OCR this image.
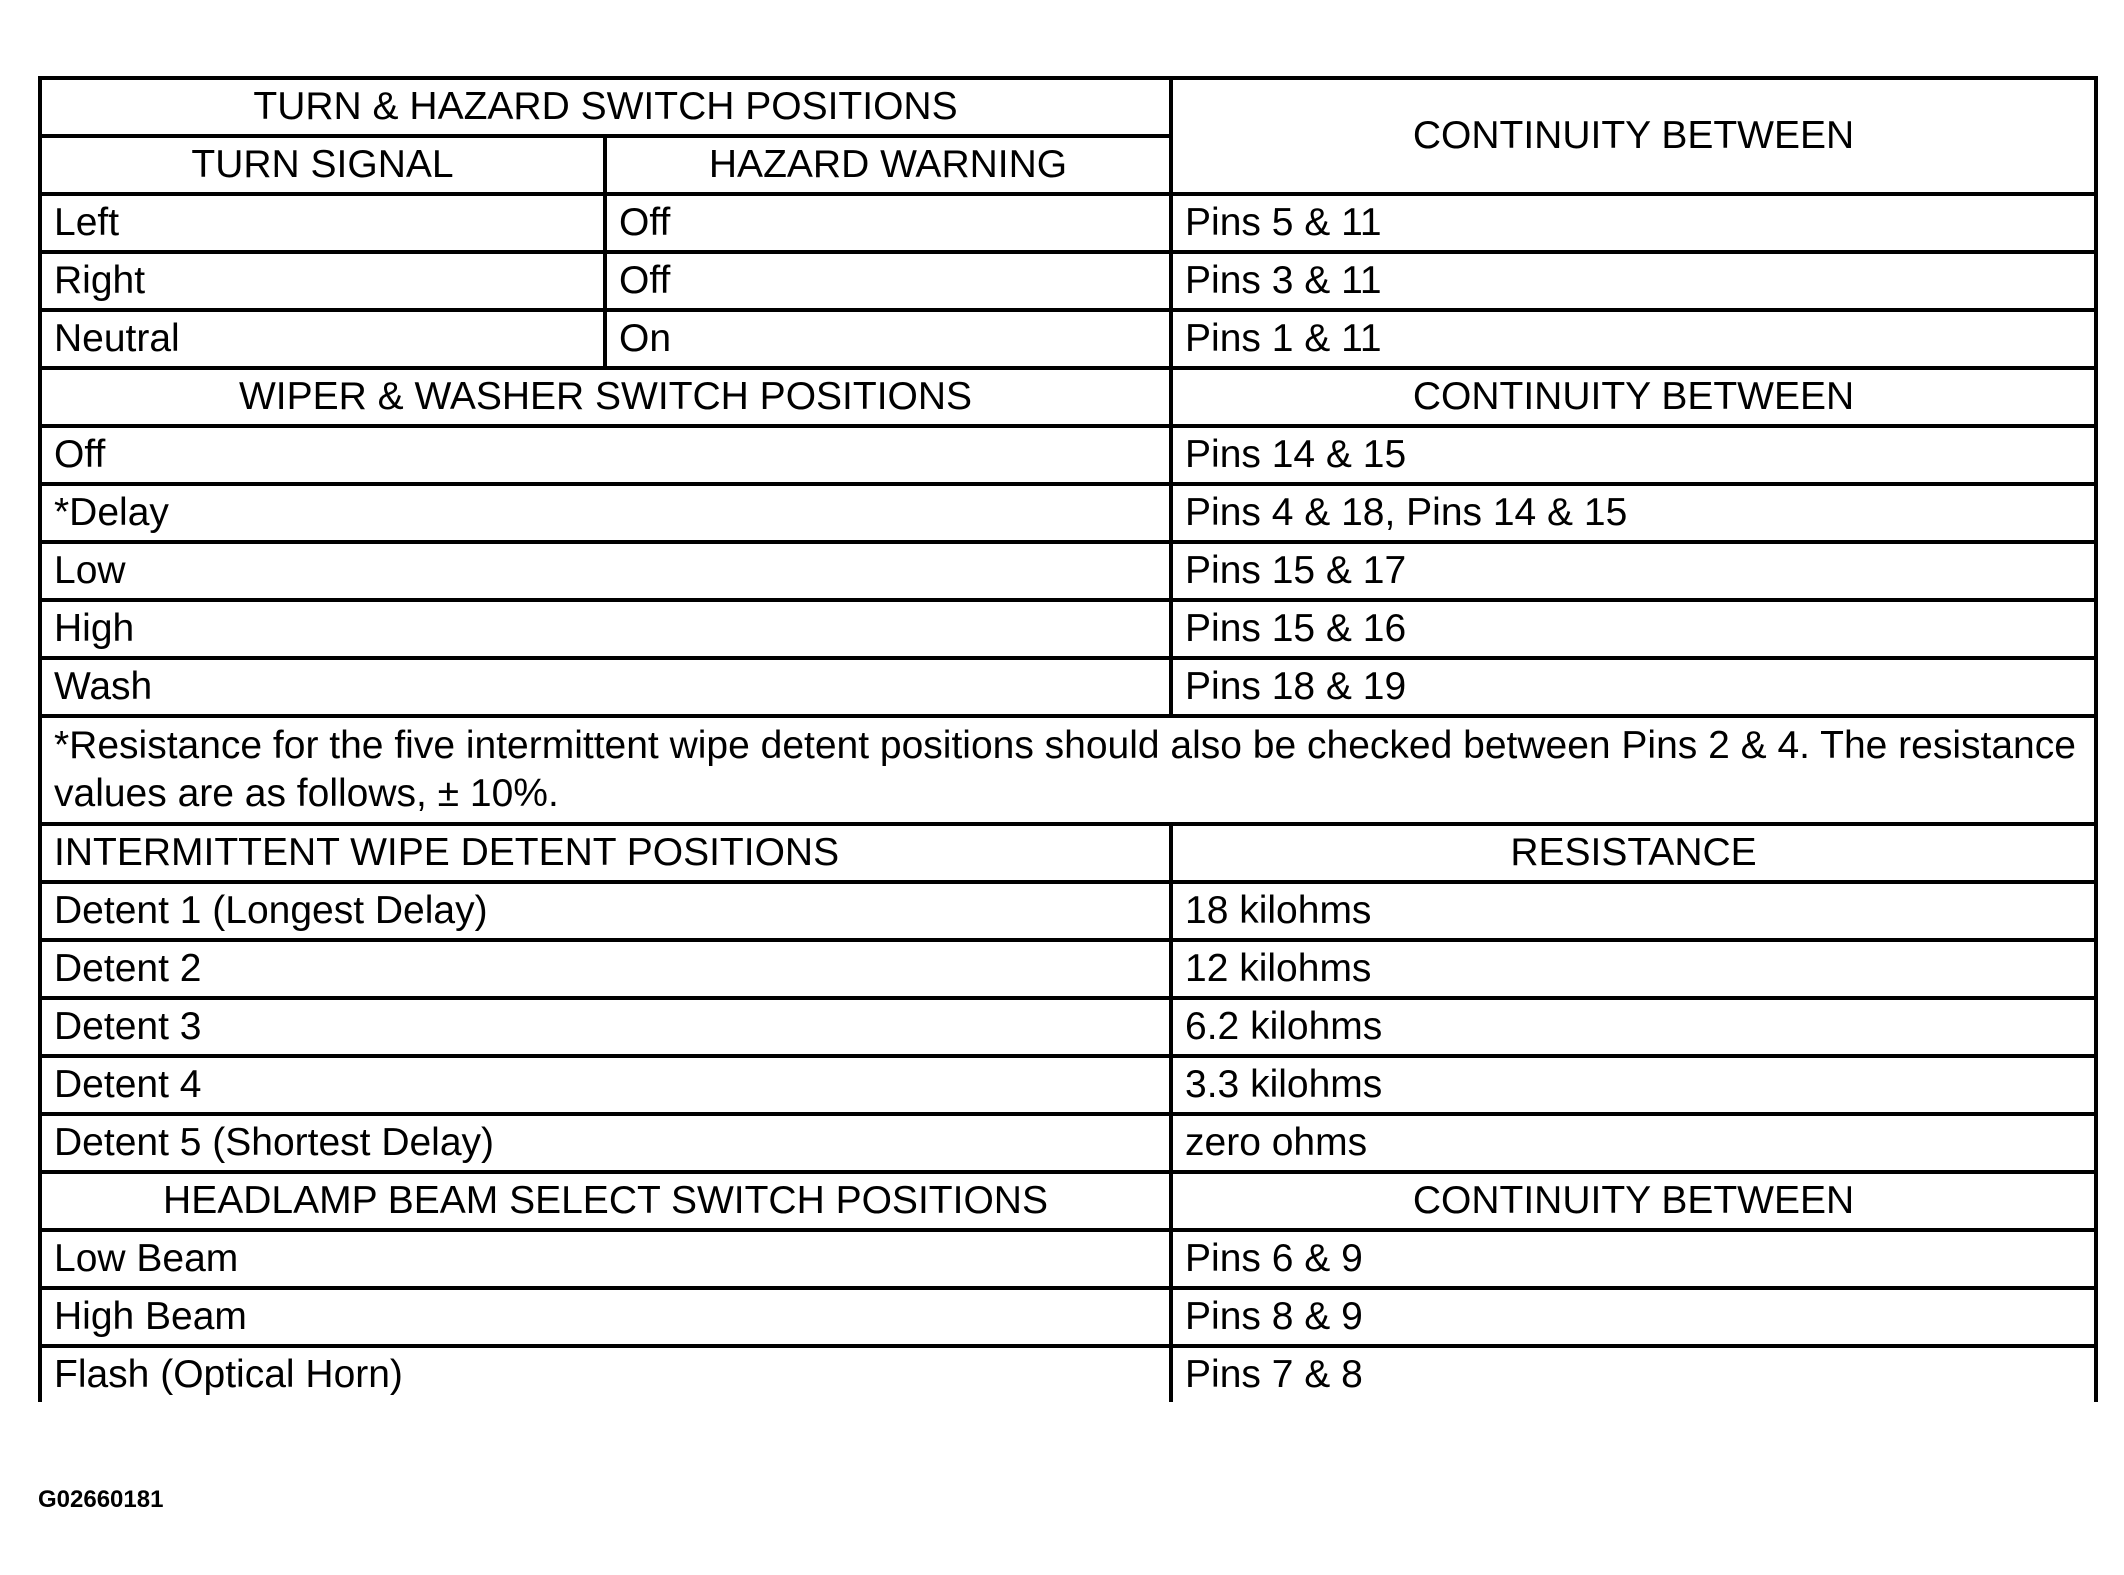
TURN & HAZARD SWITCH POSITIONS		CONTINUITY BETWEEN
TURN SIGNAL	HAZARD WARNING	
Left	Off	Pins 5 & 11
Right	Off	Pins 3 & 11
Neutral	On	Pins 1 & 11
WIPER & WASHER SWITCH POSITIONS		CONTINUITY BETWEEN
Off		Pins 14 & 15
*Delay		Pins 4 & 18, Pins 14 & 15
Low		Pins 15 & 17
High		Pins 15 & 16
Wash		Pins 18 & 19
*Resistance for the five intermittent wipe detent positions should also be checked between Pins 2 & 4. The resistance values are as follows, ± 10%.		
INTERMITTENT WIPE DETENT POSITIONS		RESISTANCE
Detent 1 (Longest Delay)		18 kilohms
Detent 2		12 kilohms
Detent 3		6.2 kilohms
Detent 4		3.3 kilohms
Detent 5 (Shortest Delay)		zero ohms
HEADLAMP BEAM SELECT SWITCH POSITIONS		CONTINUITY BETWEEN
Low Beam		Pins 6 & 9
High Beam		Pins 8 & 9
Flash (Optical Horn)		Pins 7 & 8
G02660181
